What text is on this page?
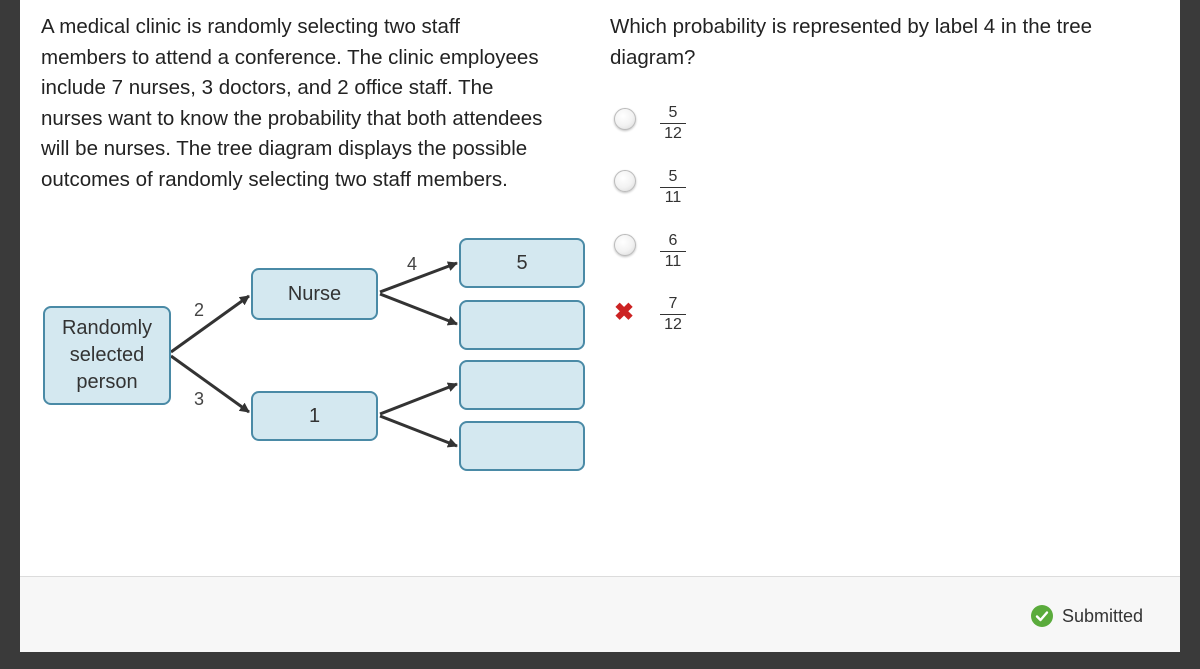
A medical clinic is randomly selecting two staff

members to attend a conference. The clinic employees

include 7 nurses, 3 doctors, and 2 office staff. The

nurses want to know the probability that both attendees

will be nurses. The tree diagram displays the possible

outcomes of randomly selecting two staff members.

Which probability is represented by label 4 in the tree

diagram?

Randomly
selected
person
Nurse
1
5
2
3
4
5
12
5
11
6
11
✖	7
12
Submitted
